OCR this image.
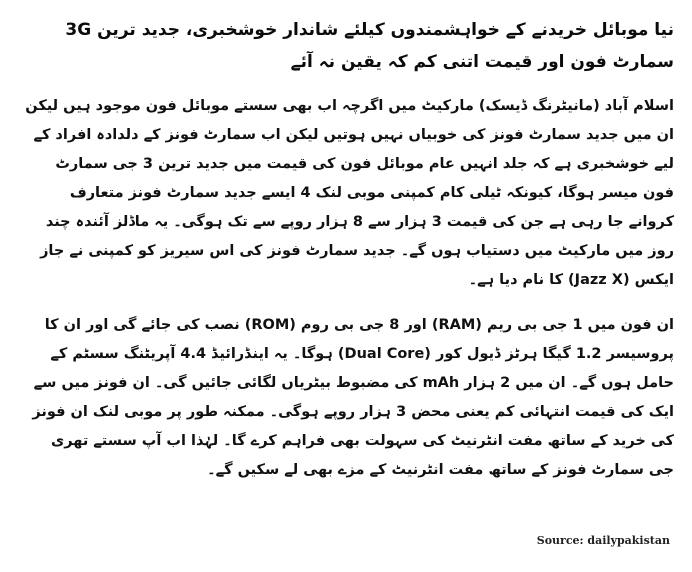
نیا موبائل خریدنے کے خواہشمندوں کیلئے شاندار خوشخبری، جدید ترین 3G سمارٹ فون اور قیمت اتنی کم کہ یقین نہ آئے

اسلام آباد (مانیٹرنگ ڈیسک) مارکیٹ میں اگرچہ اب بھی سستے موبائل فون موجود ہیں لیکن ان میں جدید سمارٹ فونز کی خوبیاں نہیں ہوتیں لیکن اب سمارٹ فونز کے دلدادہ افراد کے لیے خوشخبری ہے کہ جلد انہیں عام موبائل فون کی قیمت میں جدید ترین 3 جی سمارٹ فون میسر ہوگا، کیونکہ ٹیلی کام کمپنی موبی لنک 4 ایسے جدید سمارٹ فونز متعارف کروانے جا رہی ہے جن کی قیمت 3 ہزار سے 8 ہزار روپے سے تک ہوگی۔ یہ ماڈلز آئندہ چند روز میں مارکیٹ میں دستیاب ہوں گے۔ جدید سمارٹ فونز کی اس سیریز کو کمپنی نے جاز ایکس (Jazz X) کا نام دیا ہے۔

ان فون میں 1 جی بی ریم (RAM) اور 8 جی بی روم (ROM) نصب کی جائے گی اور ان کا پروسیسر 1.2 گیگا ہرٹز ڈیول کور (Dual Core) ہوگا۔ یہ اینڈرائیڈ 4.4 آپریٹنگ سسٹم کے حامل ہوں گے۔ ان میں 2 ہزار mAh کی مضبوط بیٹریاں لگائی جائیں گی۔ ان فونز میں سے ایک کی قیمت انتہائی کم یعنی محض 3 ہزار روپے ہوگی۔ ممکنہ طور پر موبی لنک ان فونز کی خرید کے ساتھ مفت انٹرنیٹ کی سہولت بھی فراہم کرے گا۔ لہٰذا اب آپ سستے تھری جی سمارٹ فونز کے ساتھ مفت انٹرنیٹ کے مزے بھی لے سکیں گے۔

Source: dailypakistan
